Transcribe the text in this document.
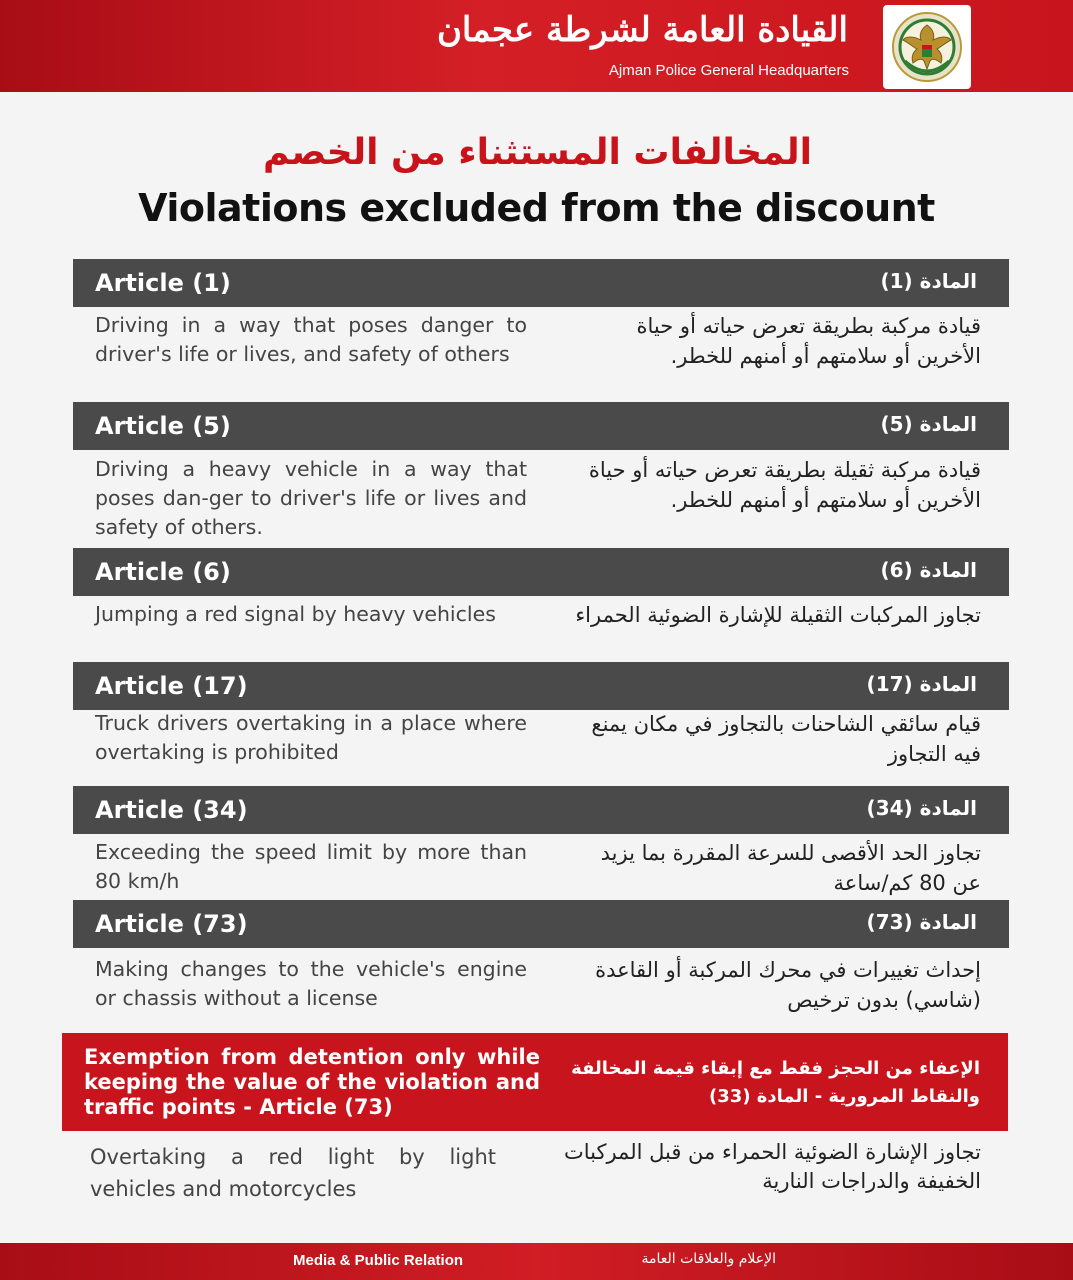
القيادة العامة لشرطة عجمان
Ajman Police General Headquarters
المخالفات المستثناء من الخصم
Violations excluded from the discount
Article (1)	المادة (1)
Driving in a way that poses danger to driver's life or lives, and safety of others
قيادة مركبة بطريقة تعرض حياته أو حياة الأخرين أو سلامتهم أو أمنهم للخطر.
Article (5)	المادة (5)
Driving a heavy vehicle in a way that poses dan-ger to driver's life or lives and safety of others.
قيادة مركبة ثقيلة بطريقة تعرض حياته أو حياة الأخرين أو سلامتهم أو أمنهم للخطر.
Article (6)	المادة (6)
Jumping a red signal by heavy vehicles	تجاوز المركبات الثقيلة للإشارة الضوئية الحمراء
Article (17)	المادة (17)
Truck drivers overtaking in a place where overtaking is prohibited
قيام سائقي الشاحنات بالتجاوز في مكان يمنع فيه التجاوز
Article (34)	المادة (34)
Exceeding the speed limit by more than 80 km/h
تجاوز الحد الأقصى للسرعة المقررة بما يزيد عن 80 كم/ساعة
Article (73)	المادة (73)
Making changes to the vehicle's engine or chassis without a license
إحداث تغييرات في محرك المركبة أو القاعدة (شاسي) بدون ترخيص
Exemption from detention only while keeping the value of the violation and traffic points - Article (73)
الإعفاء من الحجز فقط مع إبقاء قيمة المخالفة والنقاط المرورية - المادة (33)
Overtaking a red light by light vehicles and motorcycles
تجاوز الإشارة الضوئية الحمراء من قبل المركبات الخفيفة والدراجات النارية
Media & Public Relation	الإعلام والعلاقات العامة
